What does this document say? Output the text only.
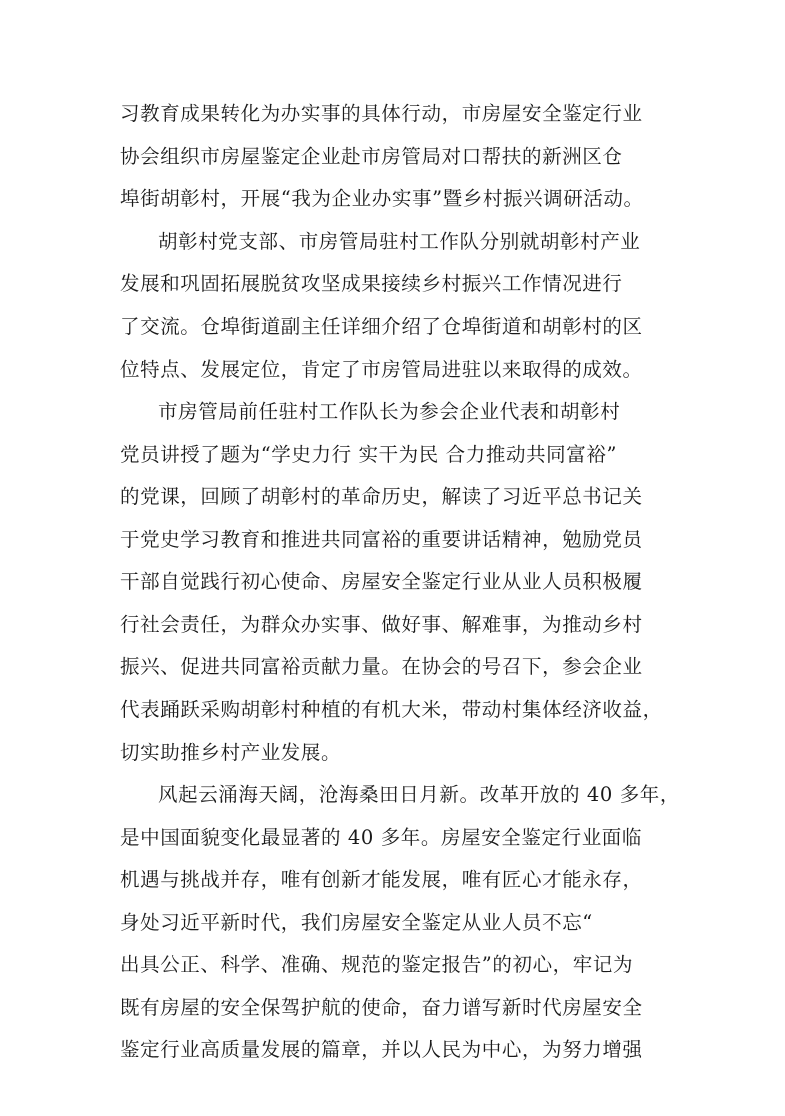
习教育成果转化为办实事的具体行动，市房屋安全鉴定行业
协会组织市房屋鉴定企业赴市房管局对口帮扶的新洲区仓
埠街胡彰村，开展“我为企业办实事”暨乡村振兴调研活动。
胡彰村党支部、市房管局驻村工作队分别就胡彰村产业
发展和巩固拓展脱贫攻坚成果接续乡村振兴工作情况进行
了交流。仓埠街道副主任详细介绍了仓埠街道和胡彰村的区
位特点、发展定位，肯定了市房管局进驻以来取得的成效。
市房管局前任驻村工作队长为参会企业代表和胡彰村
党员讲授了题为“学史力行 实干为民 合力推动共同富裕”
的党课，回顾了胡彰村的革命历史，解读了习近平总书记关
于党史学习教育和推进共同富裕的重要讲话精神，勉励党员
干部自觉践行初心使命、房屋安全鉴定行业从业人员积极履
行社会责任，为群众办实事、做好事、解难事，为推动乡村
振兴、促进共同富裕贡献力量。在协会的号召下，参会企业
代表踊跃采购胡彰村种植的有机大米，带动村集体经济收益，
切实助推乡村产业发展。
风起云涌海天阔，沧海桑田日月新。改革开放的 40 多年，
是中国面貌变化最显著的 40 多年。房屋安全鉴定行业面临
机遇与挑战并存，唯有创新才能发展，唯有匠心才能永存，
身处习近平新时代，我们房屋安全鉴定从业人员不忘“
出具公正、科学、准确、规范的鉴定报告”的初心，牢记为
既有房屋的安全保驾护航的使命，奋力谱写新时代房屋安全
鉴定行业高质量发展的篇章，并以人民为中心，为努力增强
